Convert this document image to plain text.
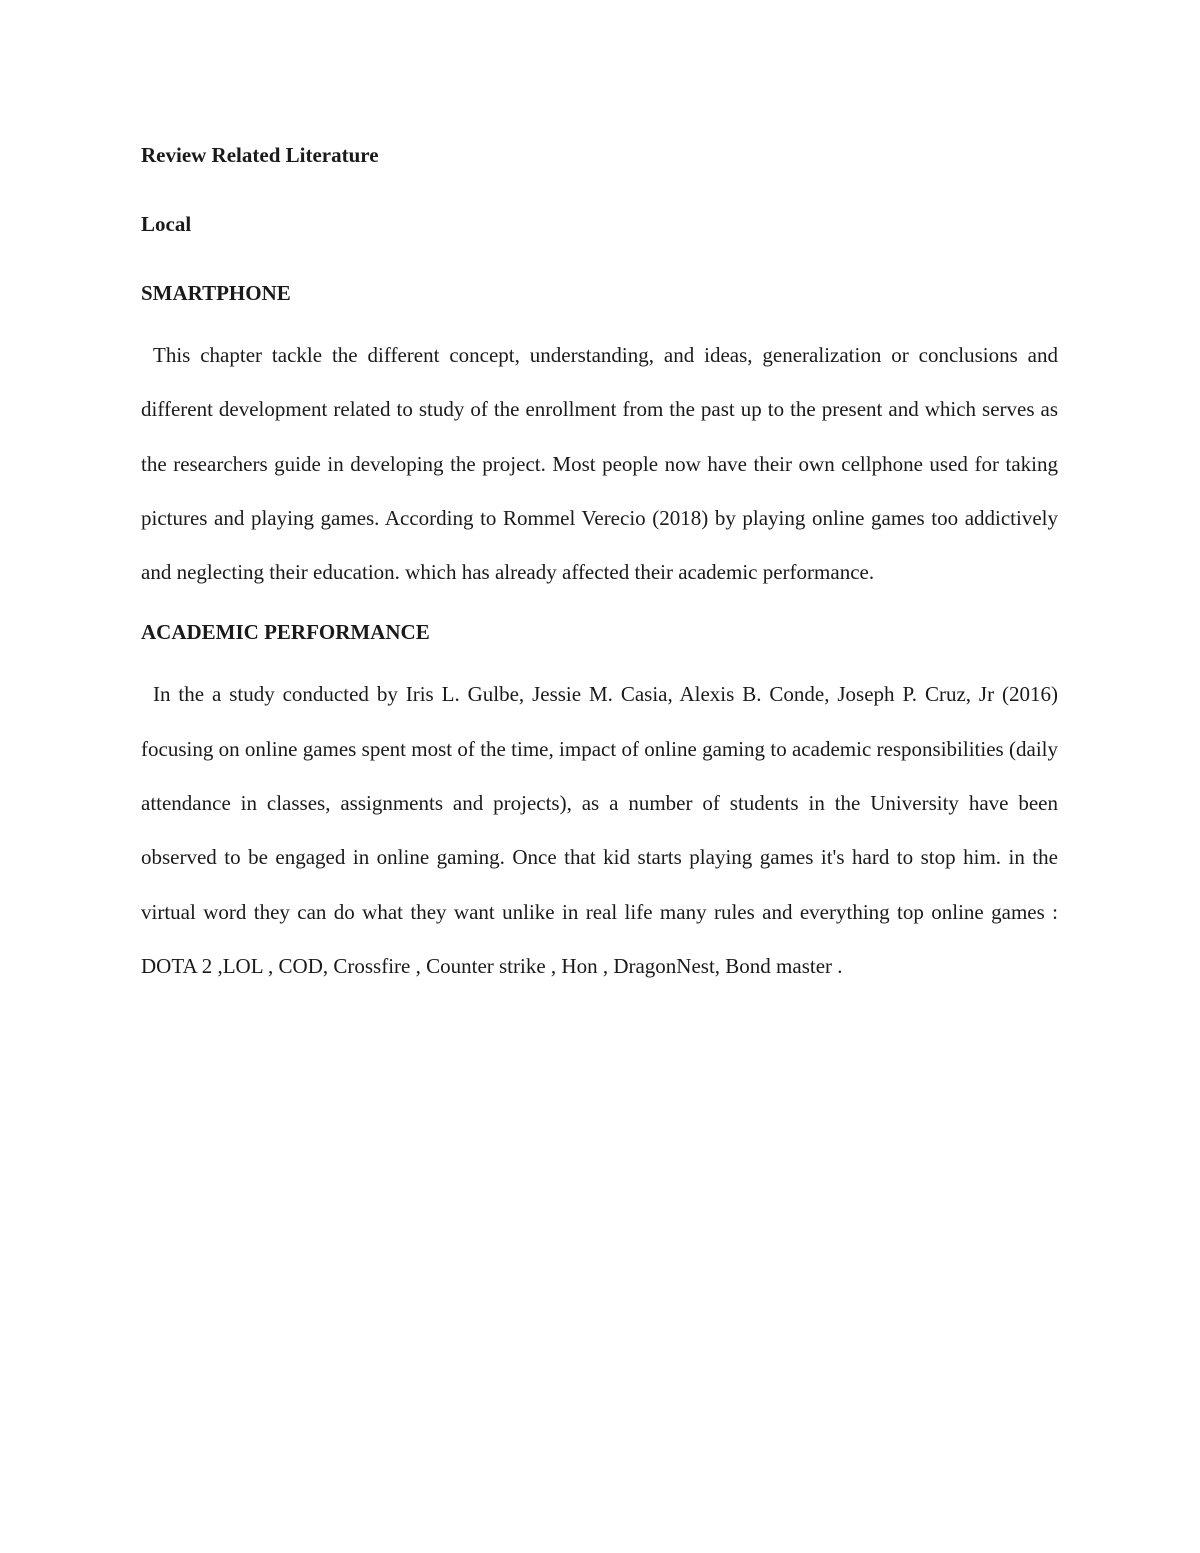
Review Related Literature

Local

SMARTPHONE

This chapter tackle the different concept, understanding, and ideas, generalization or conclusions and different development related to study of the enrollment from the past up to the present and which serves as the researchers guide in developing the project. Most people now have their own cellphone used for taking pictures and playing games. According to Rommel Verecio (2018) by playing online games too addictively and neglecting their education. which has already affected their academic performance.

ACADEMIC PERFORMANCE

In the a study conducted by Iris L. Gulbe, Jessie M. Casia, Alexis B. Conde, Joseph P. Cruz, Jr (2016) focusing on online games spent most of the time, impact of online gaming to academic responsibilities (daily attendance in classes, assignments and projects), as a number of students in the University have been observed to be engaged in online gaming. Once that kid starts playing games it's hard to stop him. in the virtual word they can do what they want unlike in real life many rules and everything top online games : DOTA 2 ,LOL , COD, Crossfire , Counter strike , Hon , DragonNest, Bond master .
